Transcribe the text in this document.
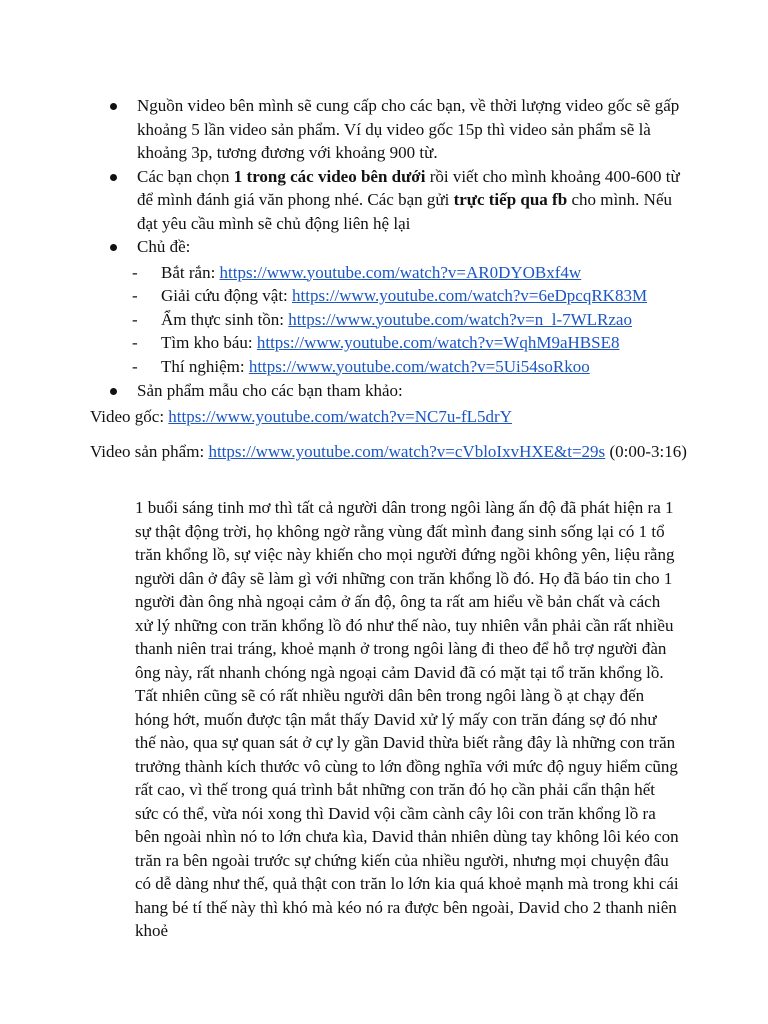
Nguồn video bên mình sẽ cung cấp cho các bạn, về thời lượng video gốc sẽ gấp khoảng 5 lần video sản phẩm. Ví dụ video gốc 15p thì video sản phẩm sẽ là khoảng 3p, tương đương với khoảng 900 từ.
Các bạn chọn 1 trong các video bên dưới rồi viết cho mình khoảng 400-600 từ để mình đánh giá văn phong nhé. Các bạn gửi trực tiếp qua fb cho mình. Nếu đạt yêu cầu mình sẽ chủ động liên hệ lại
Chủ đề:
- Bắt rắn: https://www.youtube.com/watch?v=AR0DYOBxf4w
- Giải cứu động vật: https://www.youtube.com/watch?v=6eDpcqRK83M
- Ẩm thực sinh tồn: https://www.youtube.com/watch?v=n_l-7WLRzao
- Tìm kho báu: https://www.youtube.com/watch?v=WqhM9aHBSE8
- Thí nghiệm: https://www.youtube.com/watch?v=5Ui54soRkoo
Sản phẩm mẫu cho các bạn tham khảo:

Video gốc: https://www.youtube.com/watch?v=NC7u-fL5drY

Video sản phẩm: https://www.youtube.com/watch?v=cVbloIxvHXE&t=29s (0:00-3:16)

1 buổi sáng tinh mơ thì tất cả người dân trong ngôi làng ấn độ đã phát hiện ra 1 sự thật động trời, họ không ngờ rằng vùng đất mình đang sinh sống lại có 1 tổ trăn khổng lồ, sự việc này khiến cho mọi người đứng ngồi không yên, liệu rằng người dân ở đây sẽ làm gì với những con trăn khổng lồ đó. Họ đã báo tin cho 1 người đàn ông nhà ngoại cảm ở ấn độ, ông ta rất am hiểu về bản chất và cách xử lý những con trăn khổng lồ đó như thế nào, tuy nhiên vẫn phải cần rất nhiều thanh niên trai tráng, khoẻ mạnh ở trong ngôi làng đi theo để hỗ trợ người đàn ông này, rất nhanh chóng ngà ngoại cảm David đã có mặt tại tổ trăn khổng lồ. Tất nhiên cũng sẽ có rất nhiều người dân bên trong ngôi làng ồ ạt chạy đến hóng hớt, muốn được tận mắt thấy David xử lý mấy con trăn đáng sợ đó như thế nào, qua sự quan sát ở cự ly gần David thừa biết rằng đây là những con trăn trưởng thành kích thước vô cùng to lớn đồng nghĩa với mức độ nguy hiểm cũng rất cao, vì thế trong quá trình bắt những con trăn đó họ cần phải cẩn thận hết sức có thể, vừa nói xong thì David vội cầm cành cây lôi con trăn khổng lồ ra bên ngoài nhìn nó to lớn chưa kìa, David thản nhiên dùng tay không lôi kéo con trăn ra bên ngoài trước sự chứng kiến của nhiều người, nhưng mọi chuyện đâu có dễ dàng như thế, quả thật con trăn lo lớn kia quá khoẻ mạnh mà trong khi cái hang bé tí thế này thì khó mà kéo nó ra được bên ngoài, David cho 2 thanh niên khoẻ
